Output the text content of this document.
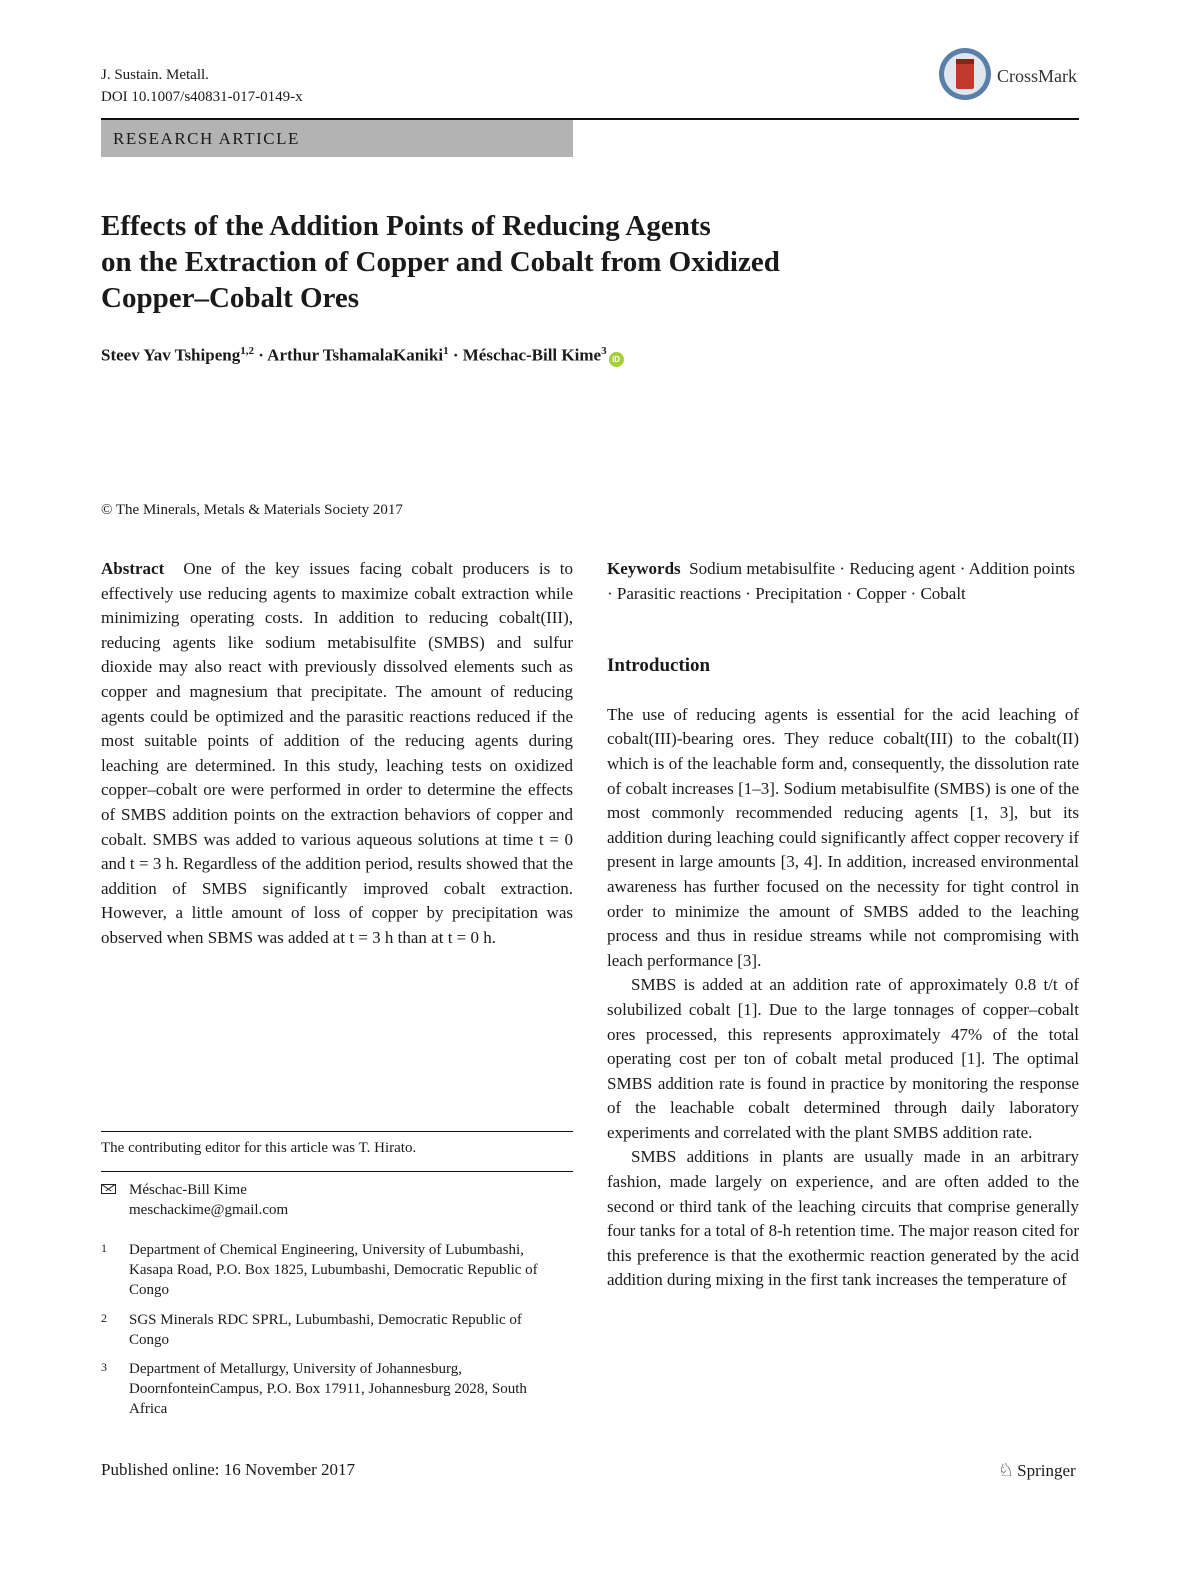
J. Sustain. Metall.
DOI 10.1007/s40831-017-0149-x
CrossMark
RESEARCH ARTICLE
Effects of the Addition Points of Reducing Agents
on the Extraction of Copper and Cobalt from Oxidized
Copper–Cobalt Ores
Steev Yav Tshipeng$^{1,2}$ · Arthur TshamalaKaniki$^1$ · Méschac-Bill Kime$^3$iD
© The Minerals, Metals & Materials Society 2017

Abstract One of the key issues facing cobalt producers is to effectively use reducing agents to maximize cobalt extraction while minimizing operating costs. In addition to reducing cobalt(III), reducing agents like sodium metabisulfite (SMBS) and sulfur dioxide may also react with previously dissolved elements such as copper and magnesium that precipitate. The amount of reducing agents could be optimized and the parasitic reactions reduced if the most suitable points of addition of the reducing agents during leaching are determined. In this study, leaching tests on oxidized copper–cobalt ore were performed in order to determine the effects of SMBS addition points on the extraction behaviors of copper and cobalt. SMBS was added to various aqueous solutions at time t = 0 and t = 3 h. Regardless of the addition period, results showed that the addition of SMBS significantly improved cobalt extraction. However, a little amount of loss of copper by precipitation was observed when SBMS was added at t = 3 h than at t = 0 h.

Keywords Sodium metabisulfite · Reducing agent · Addition points · Parasitic reactions · Precipitation · Copper · Cobalt

Introduction

The use of reducing agents is essential for the acid leaching of cobalt(III)-bearing ores. They reduce cobalt(III) to the cobalt(II) which is of the leachable form and, consequently, the dissolution rate of cobalt increases [1–3]. Sodium metabisulfite (SMBS) is one of the most commonly recommended reducing agents [1, 3], but its addition during leaching could significantly affect copper recovery if present in large amounts [3, 4]. In addition, increased environmental awareness has further focused on the necessity for tight control in order to minimize the amount of SMBS added to the leaching process and thus in residue streams while not compromising with leach performance [3].

SMBS is added at an addition rate of approximately 0.8 t/t of solubilized cobalt [1]. Due to the large tonnages of copper–cobalt ores processed, this represents approximately 47% of the total operating cost per ton of cobalt metal produced [1]. The optimal SMBS addition rate is found in practice by monitoring the response of the leachable cobalt determined through daily laboratory experiments and correlated with the plant SMBS addition rate.

SMBS additions in plants are usually made in an arbitrary fashion, made largely on experience, and are often added to the second or third tank of the leaching circuits that comprise generally four tanks for a total of 8-h retention time. The major reason cited for this preference is that the exothermic reaction generated by the acid addition during mixing in the first tank increases the temperature of

The contributing editor for this article was T. Hirato.
Méschac-Bill Kime
meschackime@gmail.com
1 Department of Chemical Engineering, University of Lubumbashi, Kasapa Road, P.O. Box 1825, Lubumbashi, Democratic Republic of Congo
2 SGS Minerals RDC SPRL, Lubumbashi, Democratic Republic of Congo
3 Department of Metallurgy, University of Johannesburg, DoornfonteinCampus, P.O. Box 17911, Johannesburg 2028, South Africa
Published online: 16 November 2017	♘ Springer
